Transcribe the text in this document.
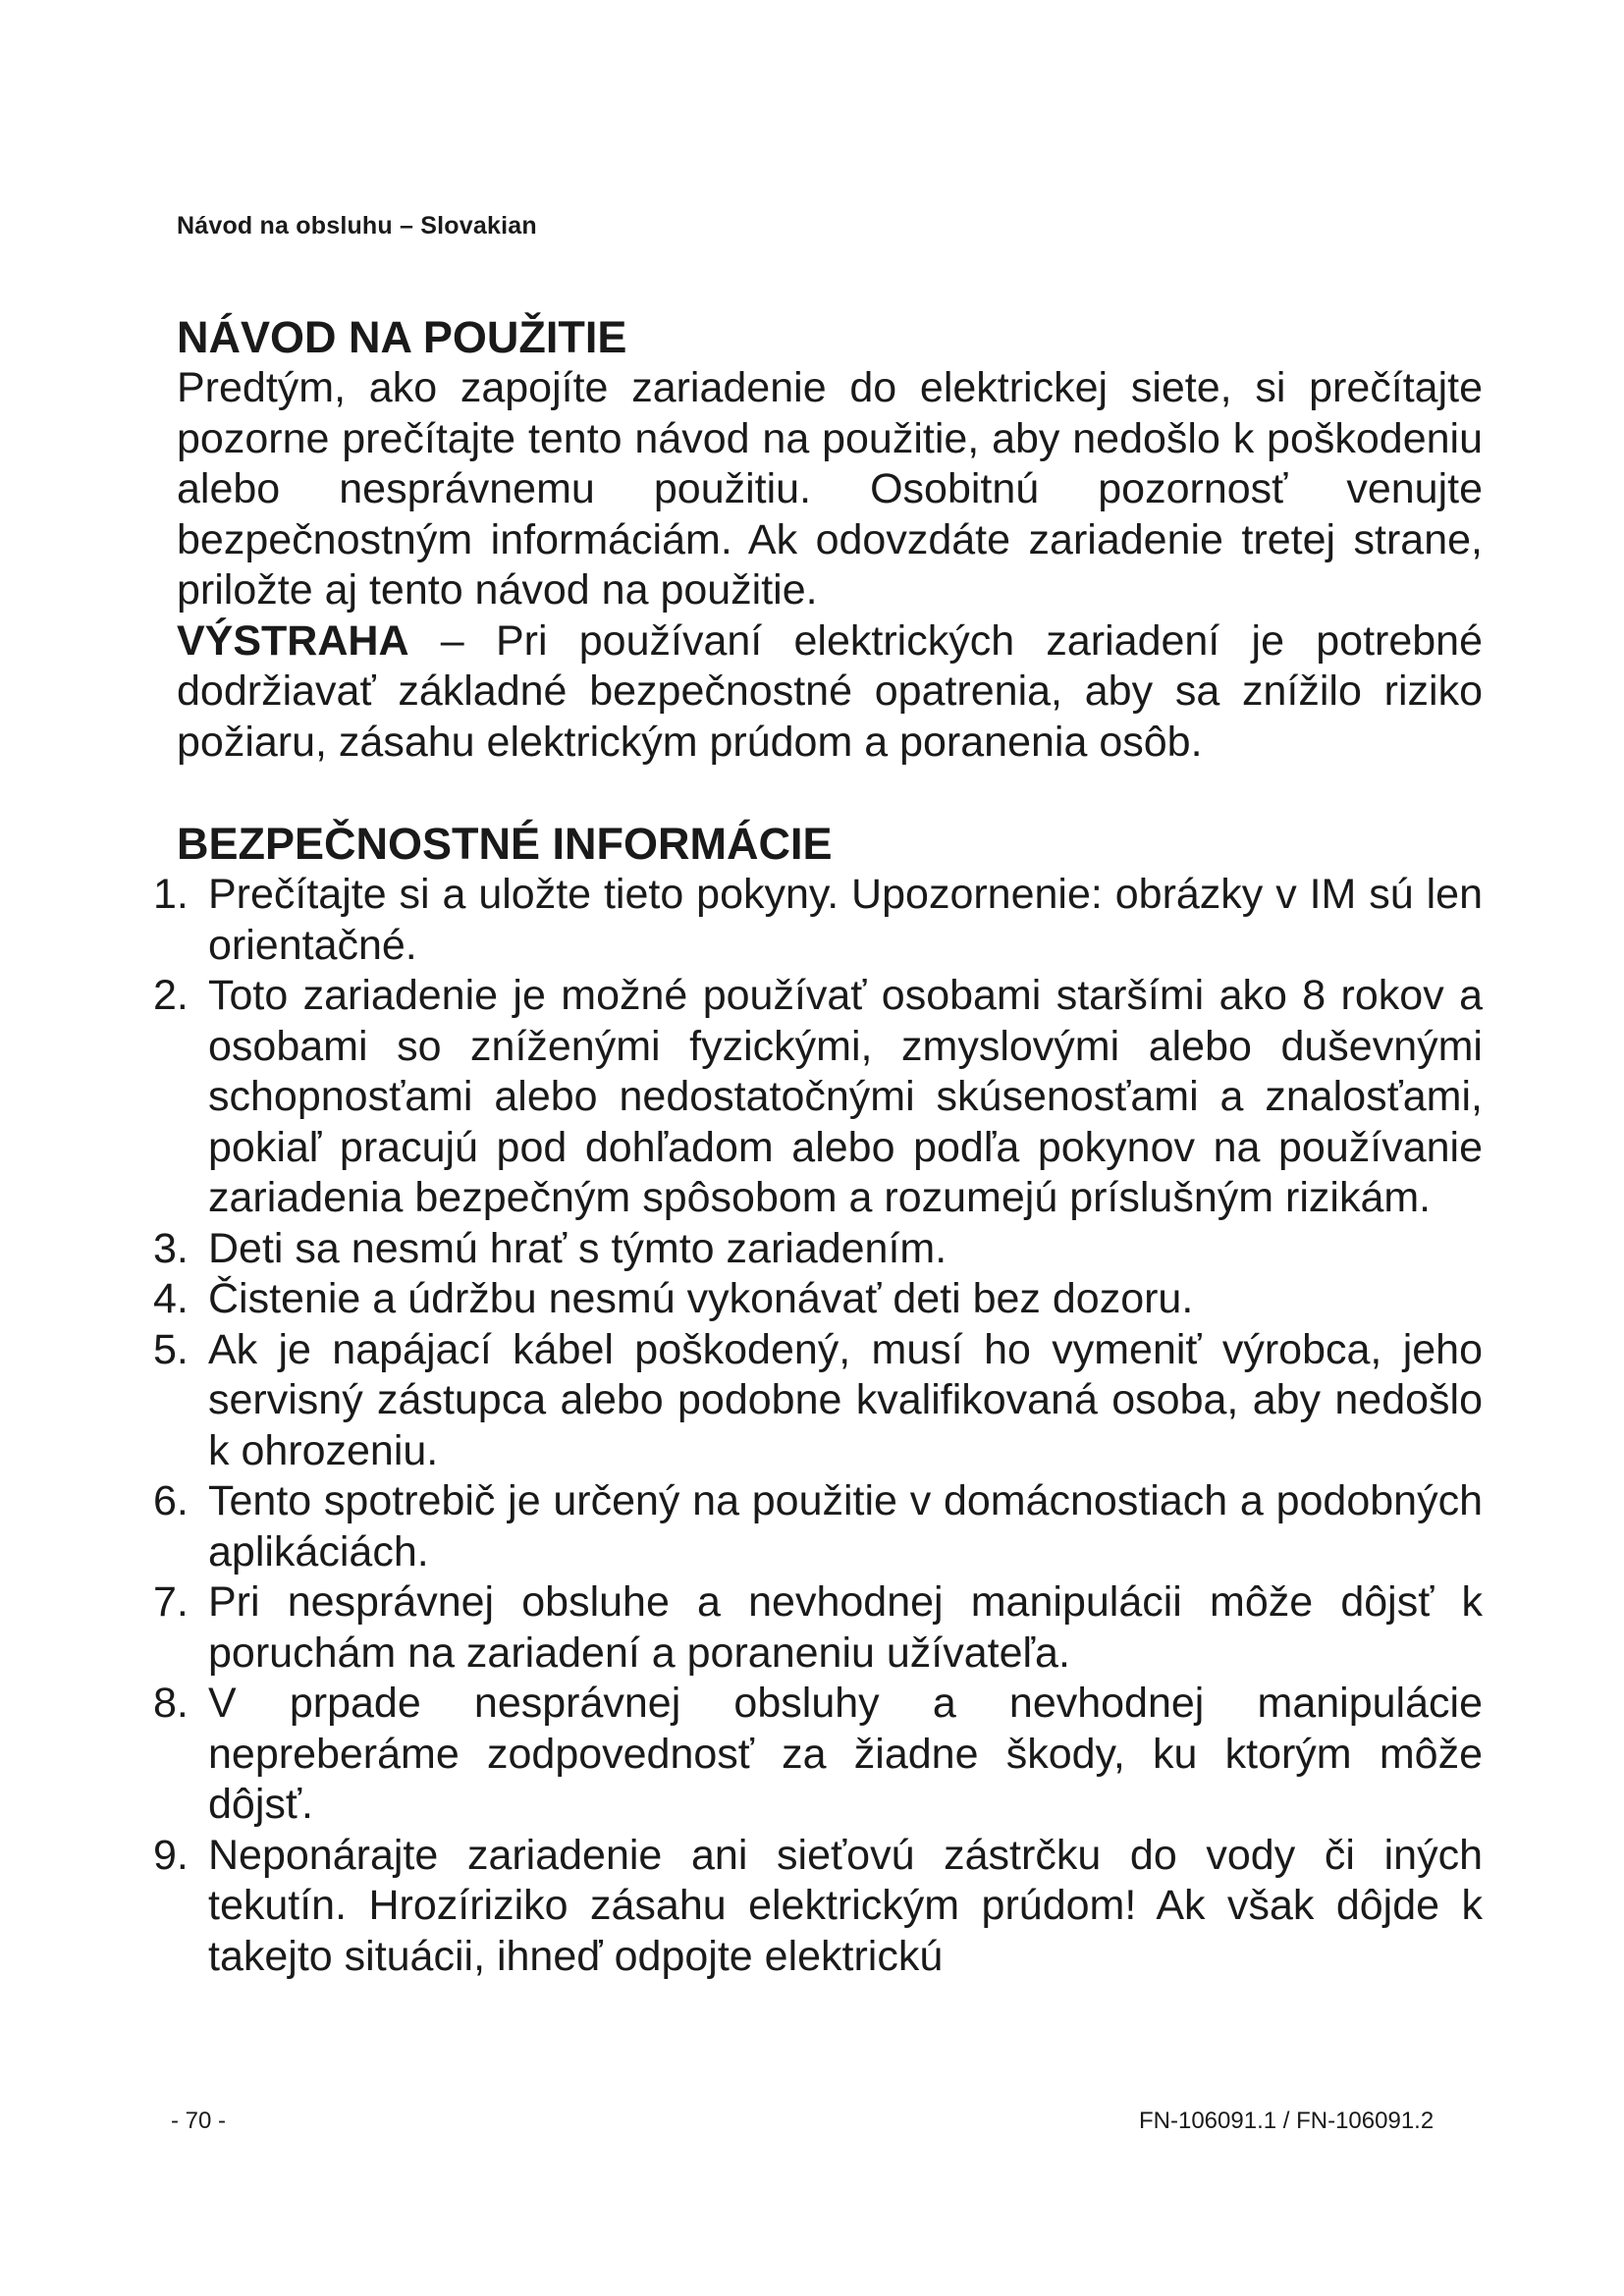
Návod na obsluhu – Slovakian
NÁVOD NA POUŽITIE

Predtým, ako zapojíte zariadenie do elektrickej siete, si prečítajte pozorne prečítajte tento návod na použitie, aby nedošlo k poškodeniu alebo nesprávnemu použitiu. Osobitnú pozornosť venujte bezpečnostným informáciám. Ak odovzdáte zariadenie tretej strane, priložte aj tento návod na použitie.

VÝSTRAHA – Pri používaní elektrických zariadení je potrebné dodržiavať základné bezpečnostné opatrenia, aby sa znížilo riziko požiaru, zásahu elektrickým prúdom a poranenia osôb.

BEZPEČNOSTNÉ INFORMÁCIE
1. Prečítajte si a uložte tieto pokyny. Upozornenie: obrázky v IM sú len orientačné.
2. Toto zariadenie je možné používať osobami staršími ako 8 rokov a osobami so zníženými fyzickými, zmyslovými alebo duševnými schopnosťami alebo nedostatočnými skúsenosťami a znalosťami, pokiaľ pracujú pod dohľadom alebo podľa pokynov na používanie zariadenia bezpečným spôsobom a rozumejú príslušným rizikám.
3. Deti sa nesmú hrať s týmto zariadením.
4. Čistenie a údržbu nesmú vykonávať deti bez dozoru.
5. Ak je napájací kábel poškodený, musí ho vymeniť výrobca, jeho servisný zástupca alebo podobne kvalifikovaná osoba, aby nedošlo k ohrozeniu.
6. Tento spotrebič je určený na použitie v domácnostiach a podobných aplikáciách.
7. Pri nesprávnej obsluhe a nevhodnej manipulácii môže dôjsť k poruchám na zariadení a poraneniu užívateľa.
8. V prpade nesprávnej obsluhy a nevhodnej manipulácie nepreberáme zodpovednosť za žiadne škody, ku ktorým môže dôjsť.
9. Neponárajte zariadenie ani sieťovú zástrčku do vody či iných tekutín. Hrozíriziko zásahu elektrickým prúdom! Ak však dôjde k takejto situácii, ihneď odpojte elektrickú
- 70 -	FN-106091.1 / FN-106091.2
